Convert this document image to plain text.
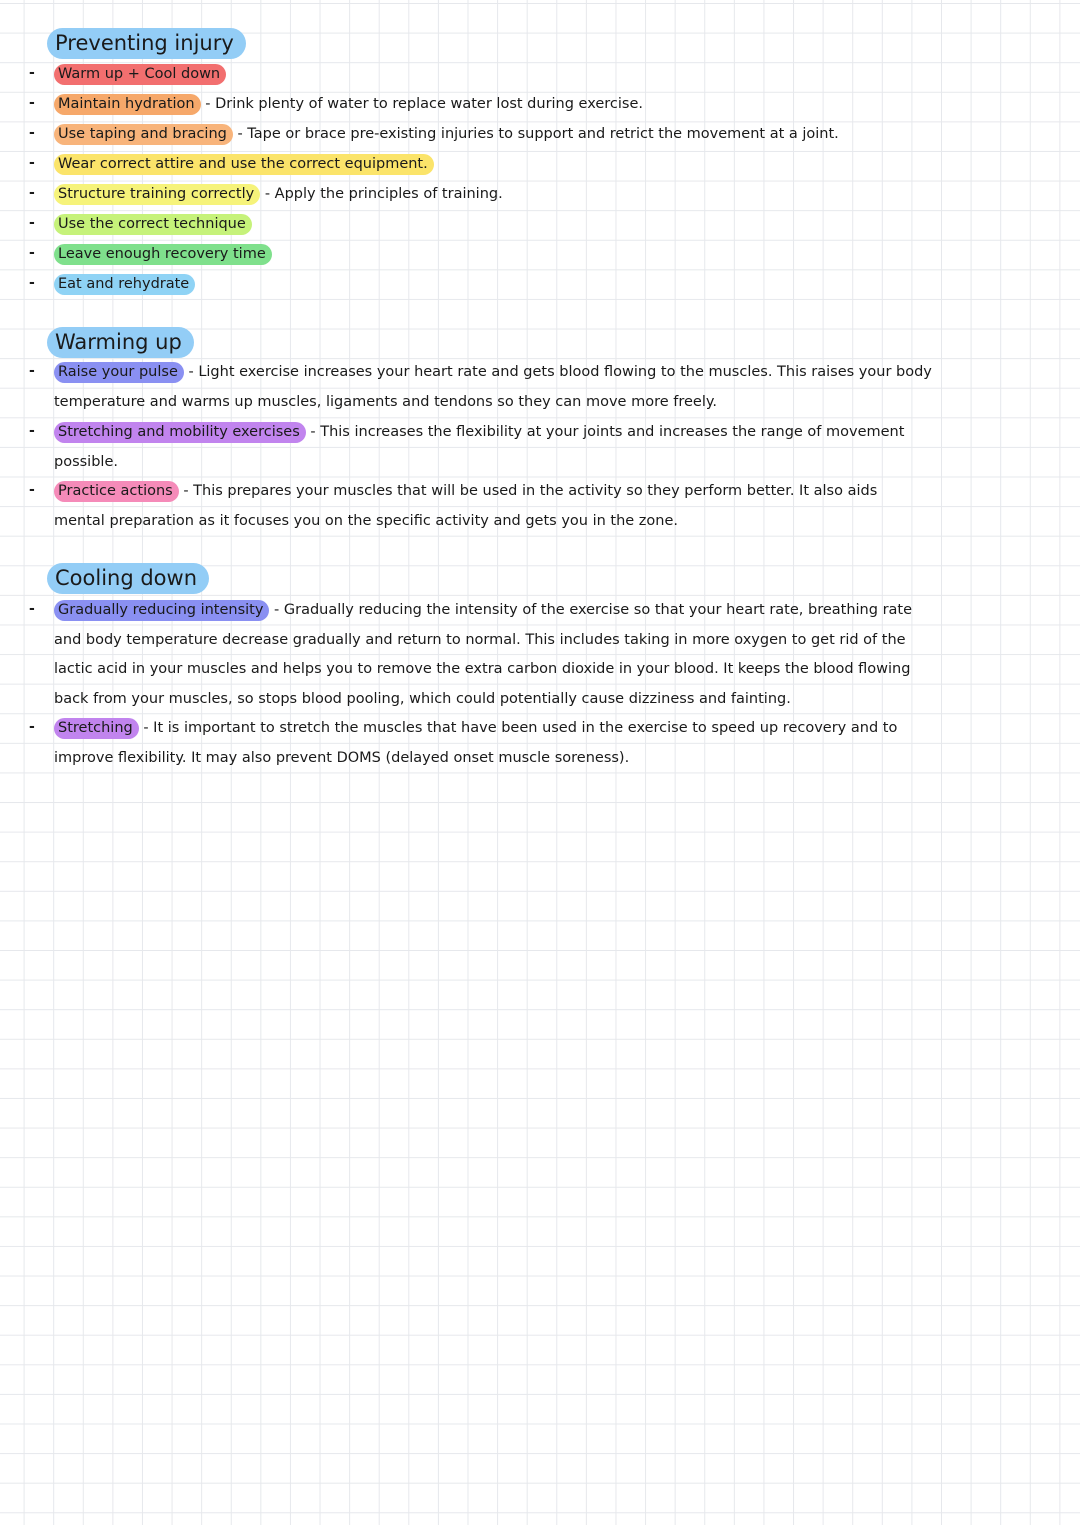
Preventing injury
- Warm up + Cool down
- Maintain hydration - Drink plenty of water to replace water lost during exercise.
- Use taping and bracing - Tape or brace pre-existing injuries to support and retrict the movement at a joint.
- Wear correct attire and use the correct equipment.
- Structure training correctly - Apply the principles of training.
- Use the correct technique
- Leave enough recovery time
- Eat and rehydrate
Warming up
- Raise your pulse - Light exercise increases your heart rate and gets blood flowing to the muscles. This raises your body
temperature and warms up muscles, ligaments and tendons so they can move more freely.
- Stretching and mobility exercises - This increases the flexibility at your joints and increases the range of movement
possible.
- Practice actions - This prepares your muscles that will be used in the activity so they perform better. It also aids
mental preparation as it focuses you on the specific activity and gets you in the zone.
Cooling down
- Gradually reducing intensity - Gradually reducing the intensity of the exercise so that your heart rate, breathing rate
and body temperature decrease gradually and return to normal. This includes taking in more oxygen to get rid of the
lactic acid in your muscles and helps you to remove the extra carbon dioxide in your blood. It keeps the blood flowing
back from your muscles, so stops blood pooling, which could potentially cause dizziness and fainting.
- Stretching - It is important to stretch the muscles that have been used in the exercise to speed up recovery and to
improve flexibility. It may also prevent DOMS (delayed onset muscle soreness).
